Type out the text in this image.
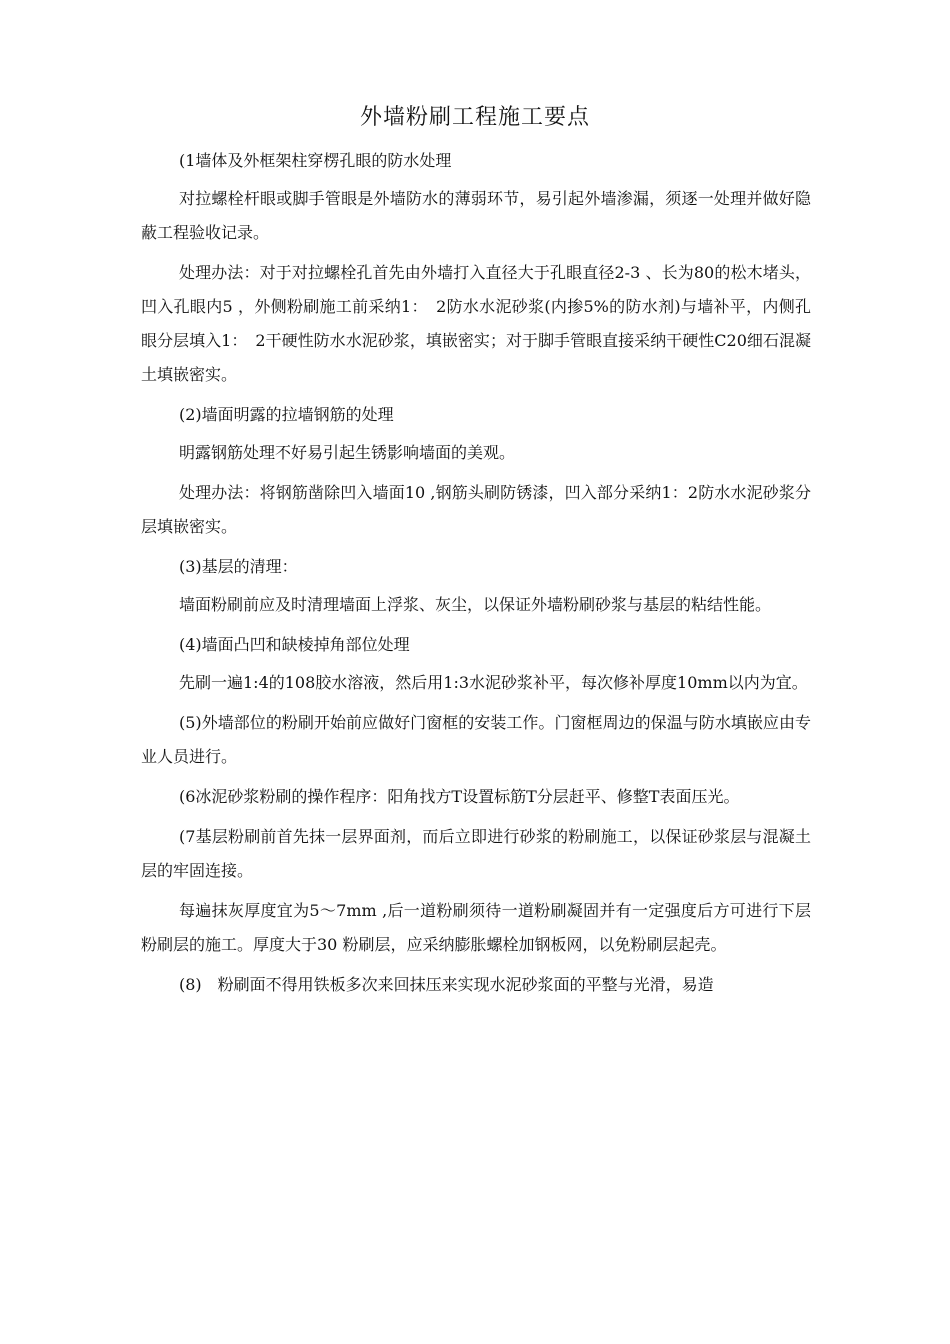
外墙粉刷工程施工要点

(1墙体及外框架柱穿楞孔眼的防水处理

对拉螺栓杆眼或脚手管眼是外墙防水的薄弱环节，易引起外墙渗漏，须逐一处理并做好隐蔽工程验收记录。

处理办法：对于对拉螺栓孔首先由外墙打入直径大于孔眼直径2-3 、长为80的松木堵头，凹入孔眼内5 ，外侧粉刷施工前采纳1：　2防水水泥砂浆(内掺5%的防水剂)与墙补平，内侧孔眼分层填入1：　2干硬性防水水泥砂浆，填嵌密实；对于脚手管眼直接采纳干硬性C20细石混凝土填嵌密实。

(2)墙面明露的拉墙钢筋的处理

明露钢筋处理不好易引起生锈影响墙面的美观。

处理办法：将钢筋凿除凹入墙面10 ,钢筋头刷防锈漆，凹入部分采纳1：2防水水泥砂浆分层填嵌密实。

(3)基层的清理：

墙面粉刷前应及时清理墙面上浮浆、灰尘，以保证外墙粉刷砂浆与基层的粘结性能。

(4)墙面凸凹和缺棱掉角部位处理

先刷一遍1:4的108胶水溶液，然后用1:3水泥砂浆补平，每次修补厚度10mm以内为宜。

(5)外墙部位的粉刷开始前应做好门窗框的安装工作。门窗框周边的保温与防水填嵌应由专业人员进行。

(6冰泥砂浆粉刷的操作程序：阳角找方T设置标筋T分层赶平、修整T表面压光。

(7基层粉刷前首先抹一层界面剂，而后立即进行砂浆的粉刷施工，以保证砂浆层与混凝土层的牢固连接。

每遍抹灰厚度宜为5〜7mm ,后一道粉刷须待一道粉刷凝固并有一定强度后方可进行下层粉刷层的施工。厚度大于30 粉刷层，应采纳膨胀螺栓加钢板网，以免粉刷层起壳。

(8)　粉刷面不得用铁板多次来回抹压来实现水泥砂浆面的平整与光滑，易造
